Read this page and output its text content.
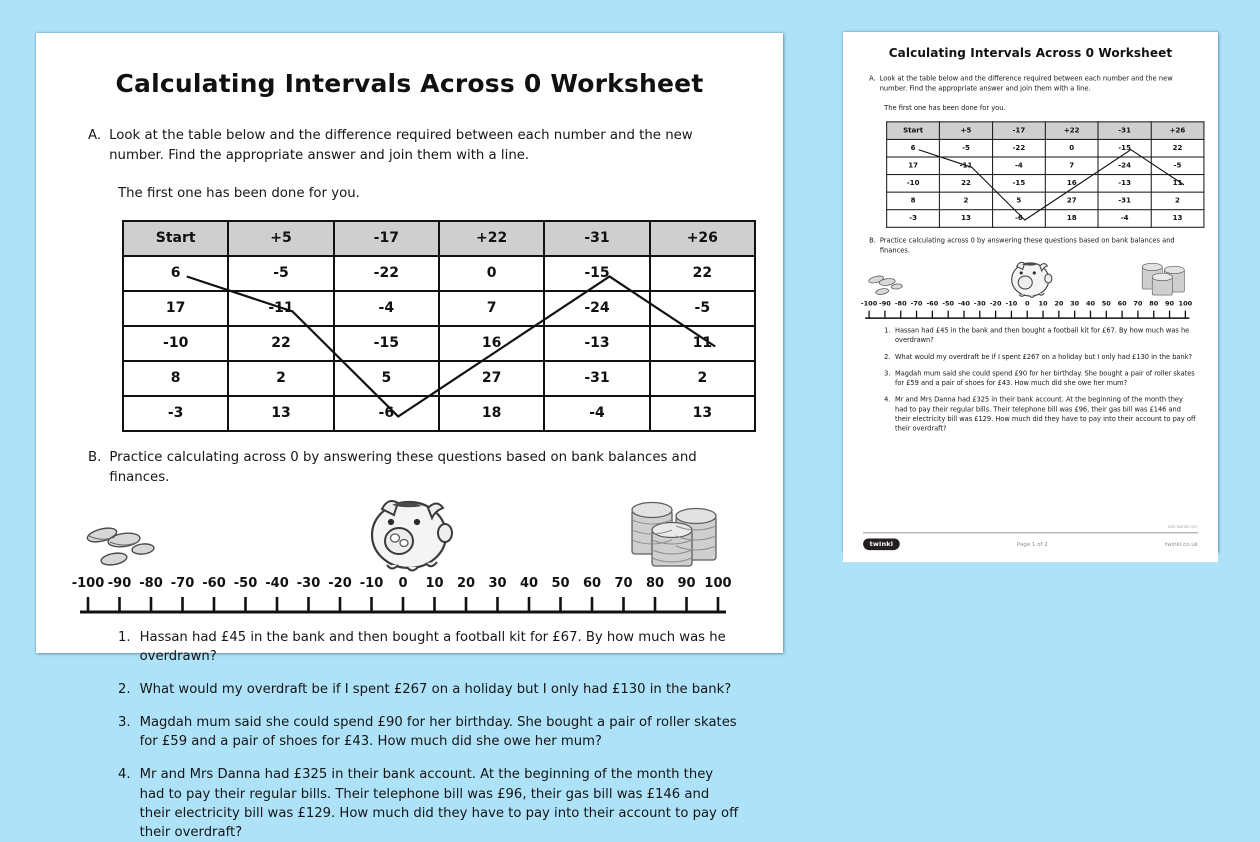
Calculating Intervals Across 0 Worksheet
A. Look at the table below and the difference required between each number and the new number. Find the appropriate answer and join them with a line.
The first one has been done for you.
Start	+5	-17	+22	-31	+26
6	-5	-22	0	-15	22
17	-11	-4	7	-24	-5
-10	22	-15	16	-13	11
8	2	5	27	-31	2
-3	13	-6	18	-4	13
B. Practice calculating across 0 by answering these questions based on bank balances and finances.
-100 -90 -80 -70 -60 -50 -40 -30 -20 -10 0 10 20 30 40 50 60 70 80 90 100
1. Hassan had £45 in the bank and then bought a football kit for £67. By how much was he overdrawn?
2. What would my overdraft be if I spent £267 on a holiday but I only had £130 in the bank?
3. Magdah mum said she could spend £90 for her birthday. She bought a pair of roller skates for £59 and a pair of shoes for £43. How much did she owe her mum?
4. Mr and Mrs Danna had £325 in their bank account. At the beginning of the month they had to pay their regular bills. Their telephone bill was £96, their gas bill was £146 and their electricity bill was £129. How much did they have to pay into their account to pay off their overdraft?
Calculating Intervals Across 0 Worksheet
A. Look at the table below and the difference required between each number and the new number. Find the appropriate answer and join them with a line.
The first one has been done for you.
Start	+5	-17	+22	-31	+26
6	-5	-22	0	-15	22
17	-11	-4	7	-24	-5
-10	22	-15	16	-13	11
8	2	5	27	-31	2
-3	13	-6	18	-4	13
B. Practice calculating across 0 by answering these questions based on bank balances and finances.
-100 -90 -80 -70 -60 -50 -40 -30 -20 -10 0 10 20 30 40 50 60 70 80 90 100
1. Hassan had £45 in the bank and then bought a football kit for £67. By how much was he overdrawn?
2. What would my overdraft be if I spent £267 on a holiday but I only had £130 in the bank?
3. Magdah mum said she could spend £90 for her birthday. She bought a pair of roller skates for £59 and a pair of shoes for £43. How much did she owe her mum?
4. Mr and Mrs Danna had £325 in their bank account. At the beginning of the month they had to pay their regular bills. Their telephone bill was £96, their gas bill was £146 and their electricity bill was £129. How much did they have to pay into their account to pay off their overdraft?
visit twinkl.com
twinkl	Page 1 of 2	twinkl.co.uk
